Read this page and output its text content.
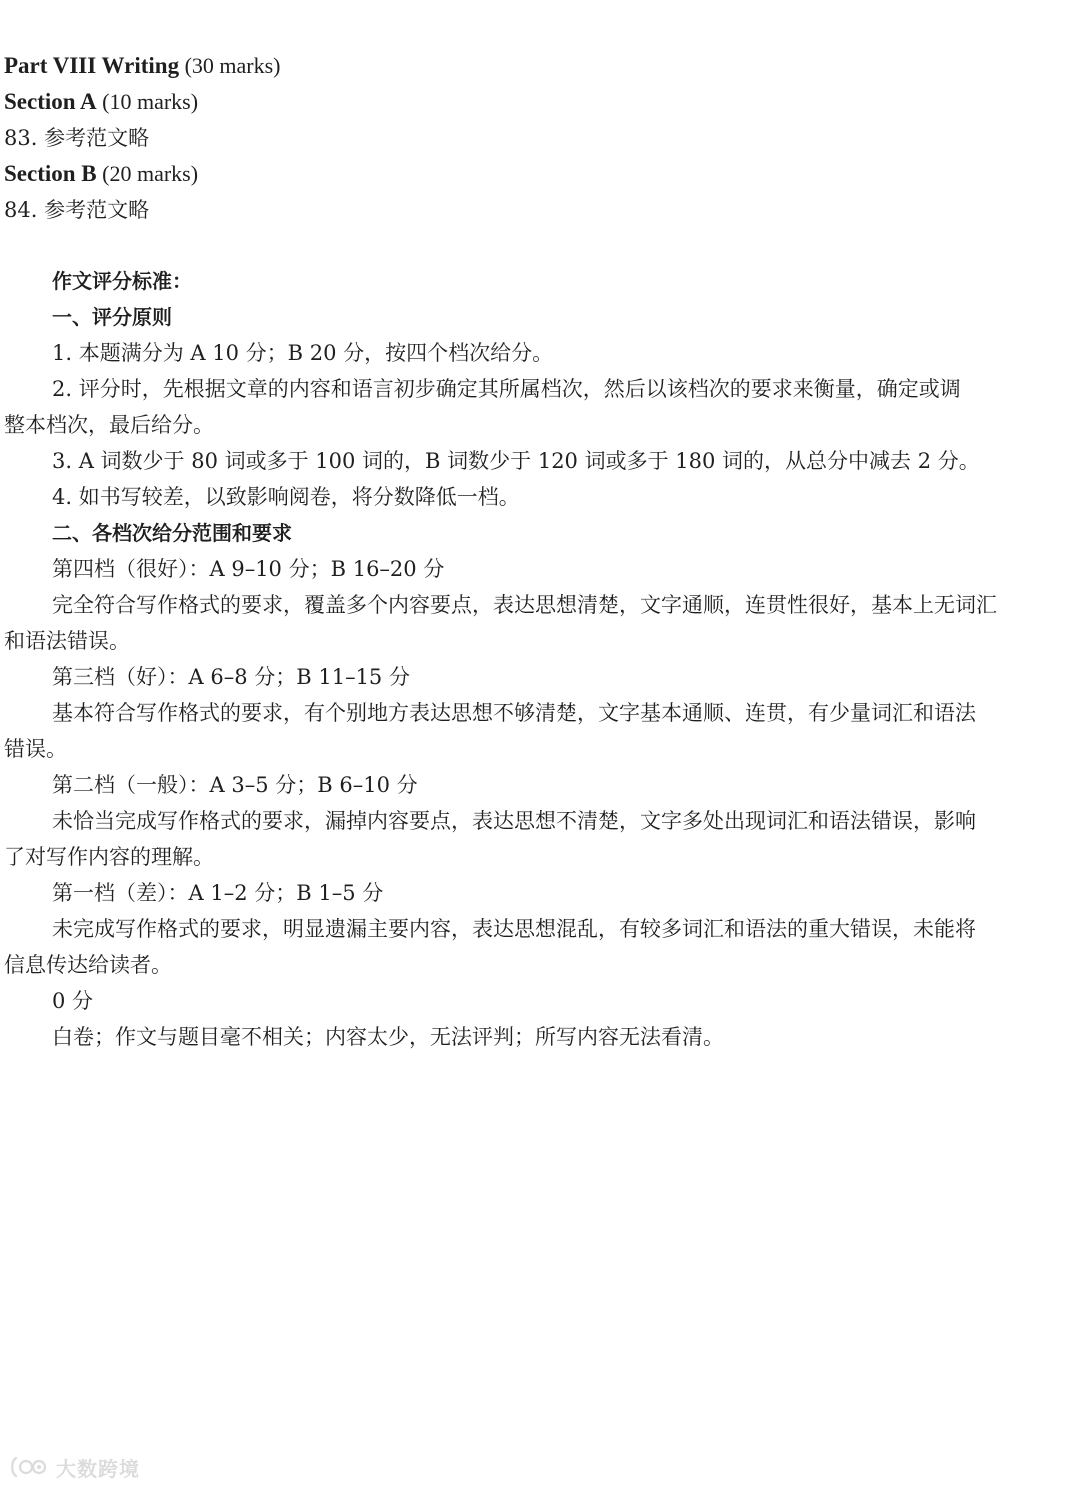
Part VIII Writing (30 marks)
Section A (10 marks)
83. 参考范文略
Section B (20 marks)
84. 参考范文略
作文评分标准：
一、评分原则
1. 本题满分为 A 10 分；B 20 分，按四个档次给分。
2. 评分时，先根据文章的内容和语言初步确定其所属档次，然后以该档次的要求来衡量，确定或调
整本档次，最后给分。
3. A 词数少于 80 词或多于 100 词的，B 词数少于 120 词或多于 180 词的，从总分中减去 2 分。
4. 如书写较差，以致影响阅卷，将分数降低一档。
二、各档次给分范围和要求
第四档（很好）：A 9–10 分；B 16–20 分
完全符合写作格式的要求，覆盖多个内容要点，表达思想清楚，文字通顺，连贯性很好，基本上无词汇
和语法错误。
第三档（好）：A 6–8 分；B 11–15 分
基本符合写作格式的要求，有个别地方表达思想不够清楚，文字基本通顺、连贯，有少量词汇和语法
错误。
第二档（一般）：A 3–5 分；B 6–10 分
未恰当完成写作格式的要求，漏掉内容要点，表达思想不清楚，文字多处出现词汇和语法错误，影响
了对写作内容的理解。
第一档（差）：A 1–2 分；B 1–5 分
未完成写作格式的要求，明显遗漏主要内容，表达思想混乱，有较多词汇和语法的重大错误，未能将
信息传达给读者。
0 分
白卷；作文与题目毫不相关；内容太少，无法评判；所写内容无法看清。
大数跨境
